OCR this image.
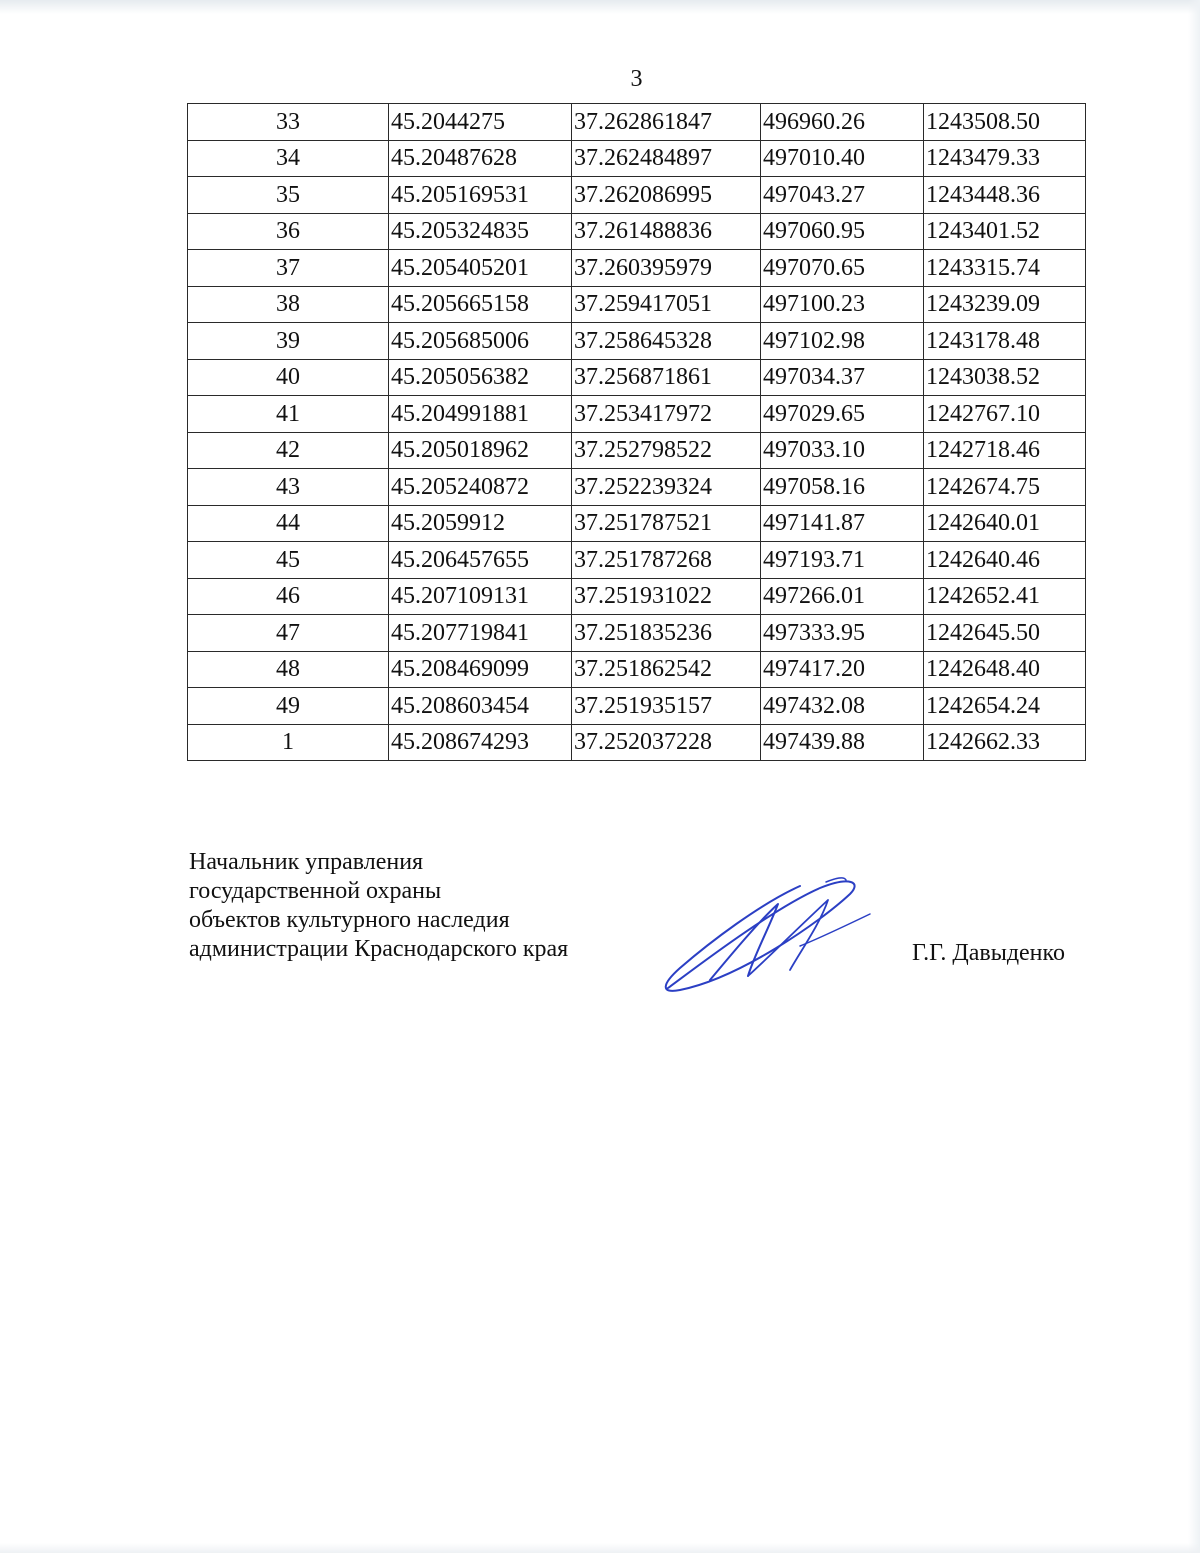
3
33	45.2044275	37.262861847	496960.26	1243508.50
34	45.20487628	37.262484897	497010.40	1243479.33
35	45.205169531	37.262086995	497043.27	1243448.36
36	45.205324835	37.261488836	497060.95	1243401.52
37	45.205405201	37.260395979	497070.65	1243315.74
38	45.205665158	37.259417051	497100.23	1243239.09
39	45.205685006	37.258645328	497102.98	1243178.48
40	45.205056382	37.256871861	497034.37	1243038.52
41	45.204991881	37.253417972	497029.65	1242767.10
42	45.205018962	37.252798522	497033.10	1242718.46
43	45.205240872	37.252239324	497058.16	1242674.75
44	45.2059912	37.251787521	497141.87	1242640.01
45	45.206457655	37.251787268	497193.71	1242640.46
46	45.207109131	37.251931022	497266.01	1242652.41
47	45.207719841	37.251835236	497333.95	1242645.50
48	45.208469099	37.251862542	497417.20	1242648.40
49	45.208603454	37.251935157	497432.08	1242654.24
1	45.208674293	37.252037228	497439.88	1242662.33
Начальник управления
государственной охраны
объектов культурного наследия
администрации Краснодарского края	Г.Г. Давыденко
